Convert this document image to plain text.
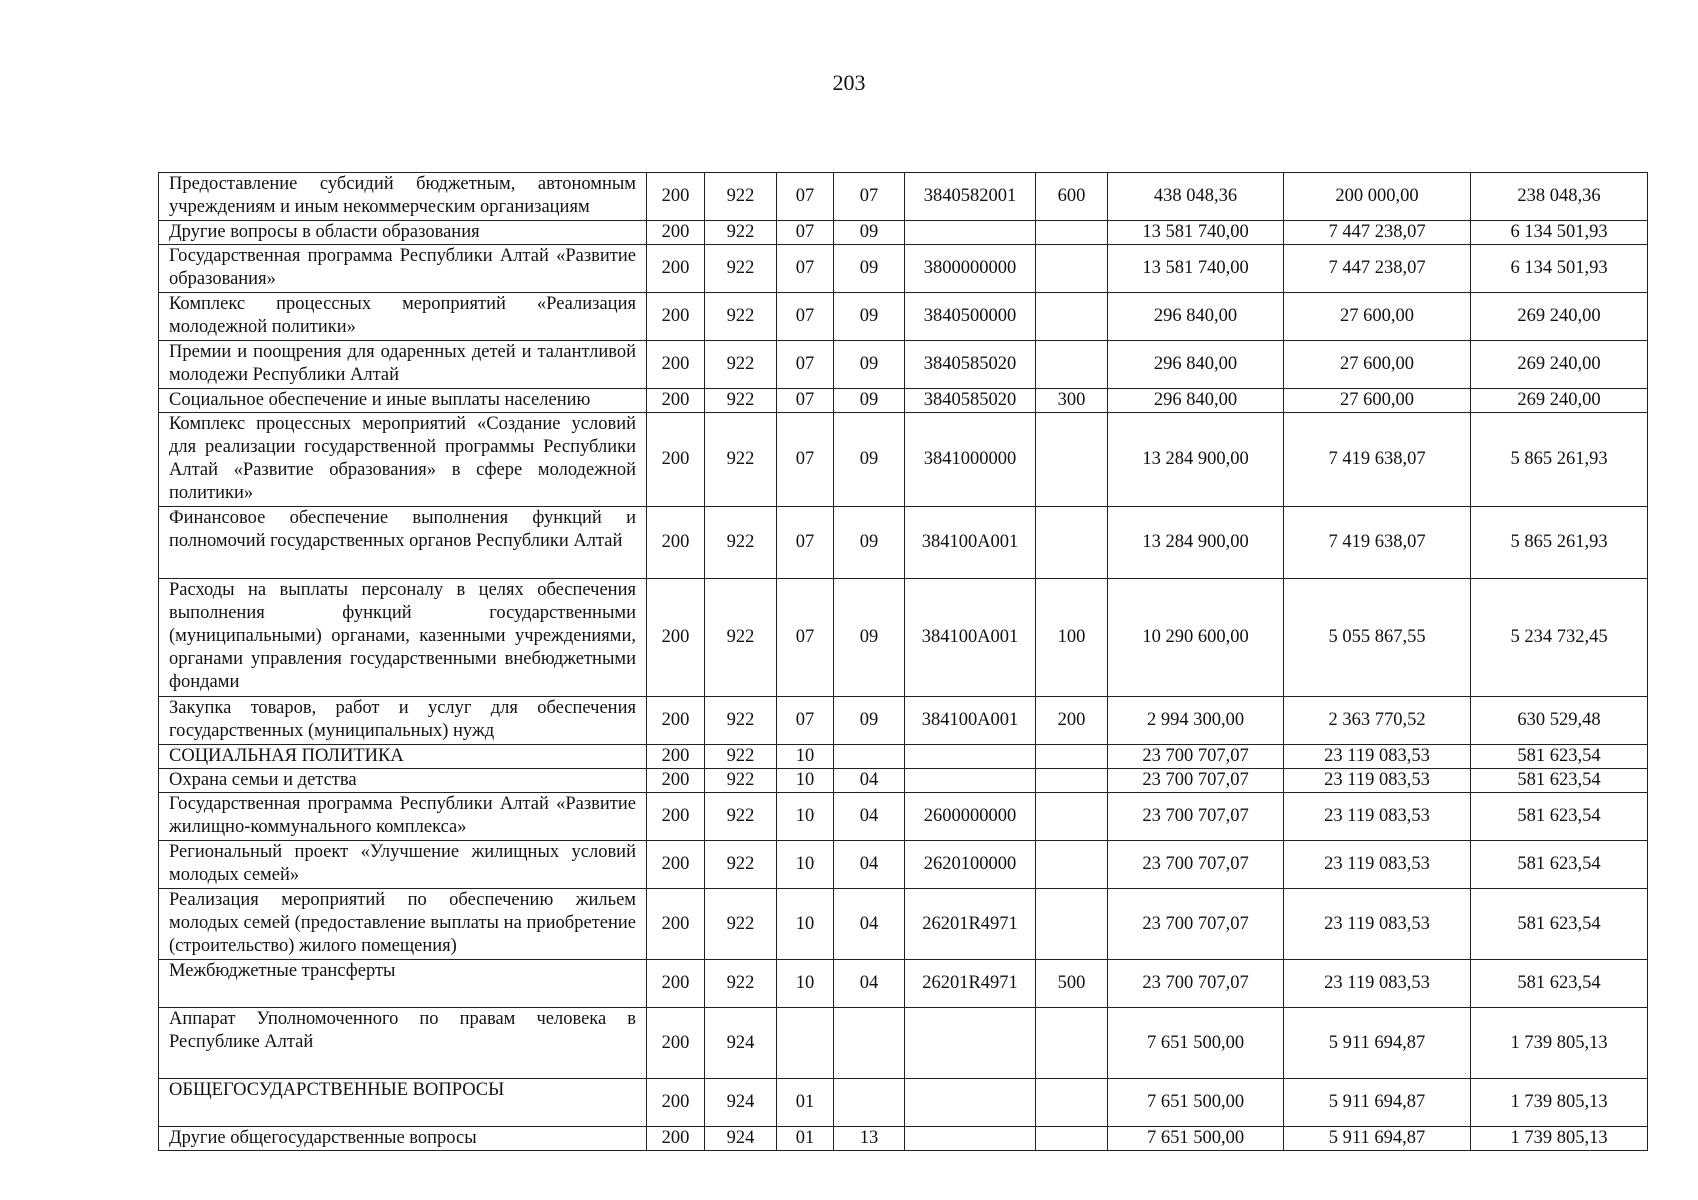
203
Предоставление субсидий бюджетным, автономным учреждениям и иным некоммерческим организациям	200	922	07	07	3840582001	600	438 048,36	200 000,00	238 048,36
Другие вопросы в области образования	200	922	07	09			13 581 740,00	7 447 238,07	6 134 501,93
Государственная программа Республики Алтай «Развитие образования»	200	922	07	09	3800000000		13 581 740,00	7 447 238,07	6 134 501,93
Комплекс процессных мероприятий «Реализация молодежной политики»	200	922	07	09	3840500000		296 840,00	27 600,00	269 240,00
Премии и поощрения для одаренных детей и талантливой молодежи Республики Алтай	200	922	07	09	3840585020		296 840,00	27 600,00	269 240,00
Социальное обеспечение и иные выплаты населению	200	922	07	09	3840585020	300	296 840,00	27 600,00	269 240,00
Комплекс процессных мероприятий «Создание условий для реализации государственной программы Республики Алтай «Развитие образования» в сфере молодежной политики»	200	922	07	09	3841000000		13 284 900,00	7 419 638,07	5 865 261,93
Финансовое обеспечение выполнения функций и полномочий государственных органов Республики Алтай	200	922	07	09	384100А001		13 284 900,00	7 419 638,07	5 865 261,93
Расходы на выплаты персоналу в целях обеспечения выполнения функций государственными (муниципальными) органами, казенными учреждениями, органами управления государственными внебюджетными фондами	200	922	07	09	384100А001	100	10 290 600,00	5 055 867,55	5 234 732,45
Закупка товаров, работ и услуг для обеспечения государственных (муниципальных) нужд	200	922	07	09	384100А001	200	2 994 300,00	2 363 770,52	630 529,48
СОЦИАЛЬНАЯ ПОЛИТИКА	200	922	10				23 700 707,07	23 119 083,53	581 623,54
Охрана семьи и детства	200	922	10	04			23 700 707,07	23 119 083,53	581 623,54
Государственная программа Республики Алтай «Развитие жилищно-коммунального комплекса»	200	922	10	04	2600000000		23 700 707,07	23 119 083,53	581 623,54
Региональный проект «Улучшение жилищных условий молодых семей»	200	922	10	04	2620100000		23 700 707,07	23 119 083,53	581 623,54
Реализация мероприятий по обеспечению жильем молодых семей (предоставление выплаты на приобретение (строительство) жилого помещения)	200	922	10	04	26201R4971		23 700 707,07	23 119 083,53	581 623,54
Межбюджетные трансферты	200	922	10	04	26201R4971	500	23 700 707,07	23 119 083,53	581 623,54
Аппарат Уполномоченного по правам человека в Республике Алтай	200	924					7 651 500,00	5 911 694,87	1 739 805,13
ОБЩЕГОСУДАРСТВЕННЫЕ ВОПРОСЫ	200	924	01				7 651 500,00	5 911 694,87	1 739 805,13
Другие общегосударственные вопросы	200	924	01	13			7 651 500,00	5 911 694,87	1 739 805,13
